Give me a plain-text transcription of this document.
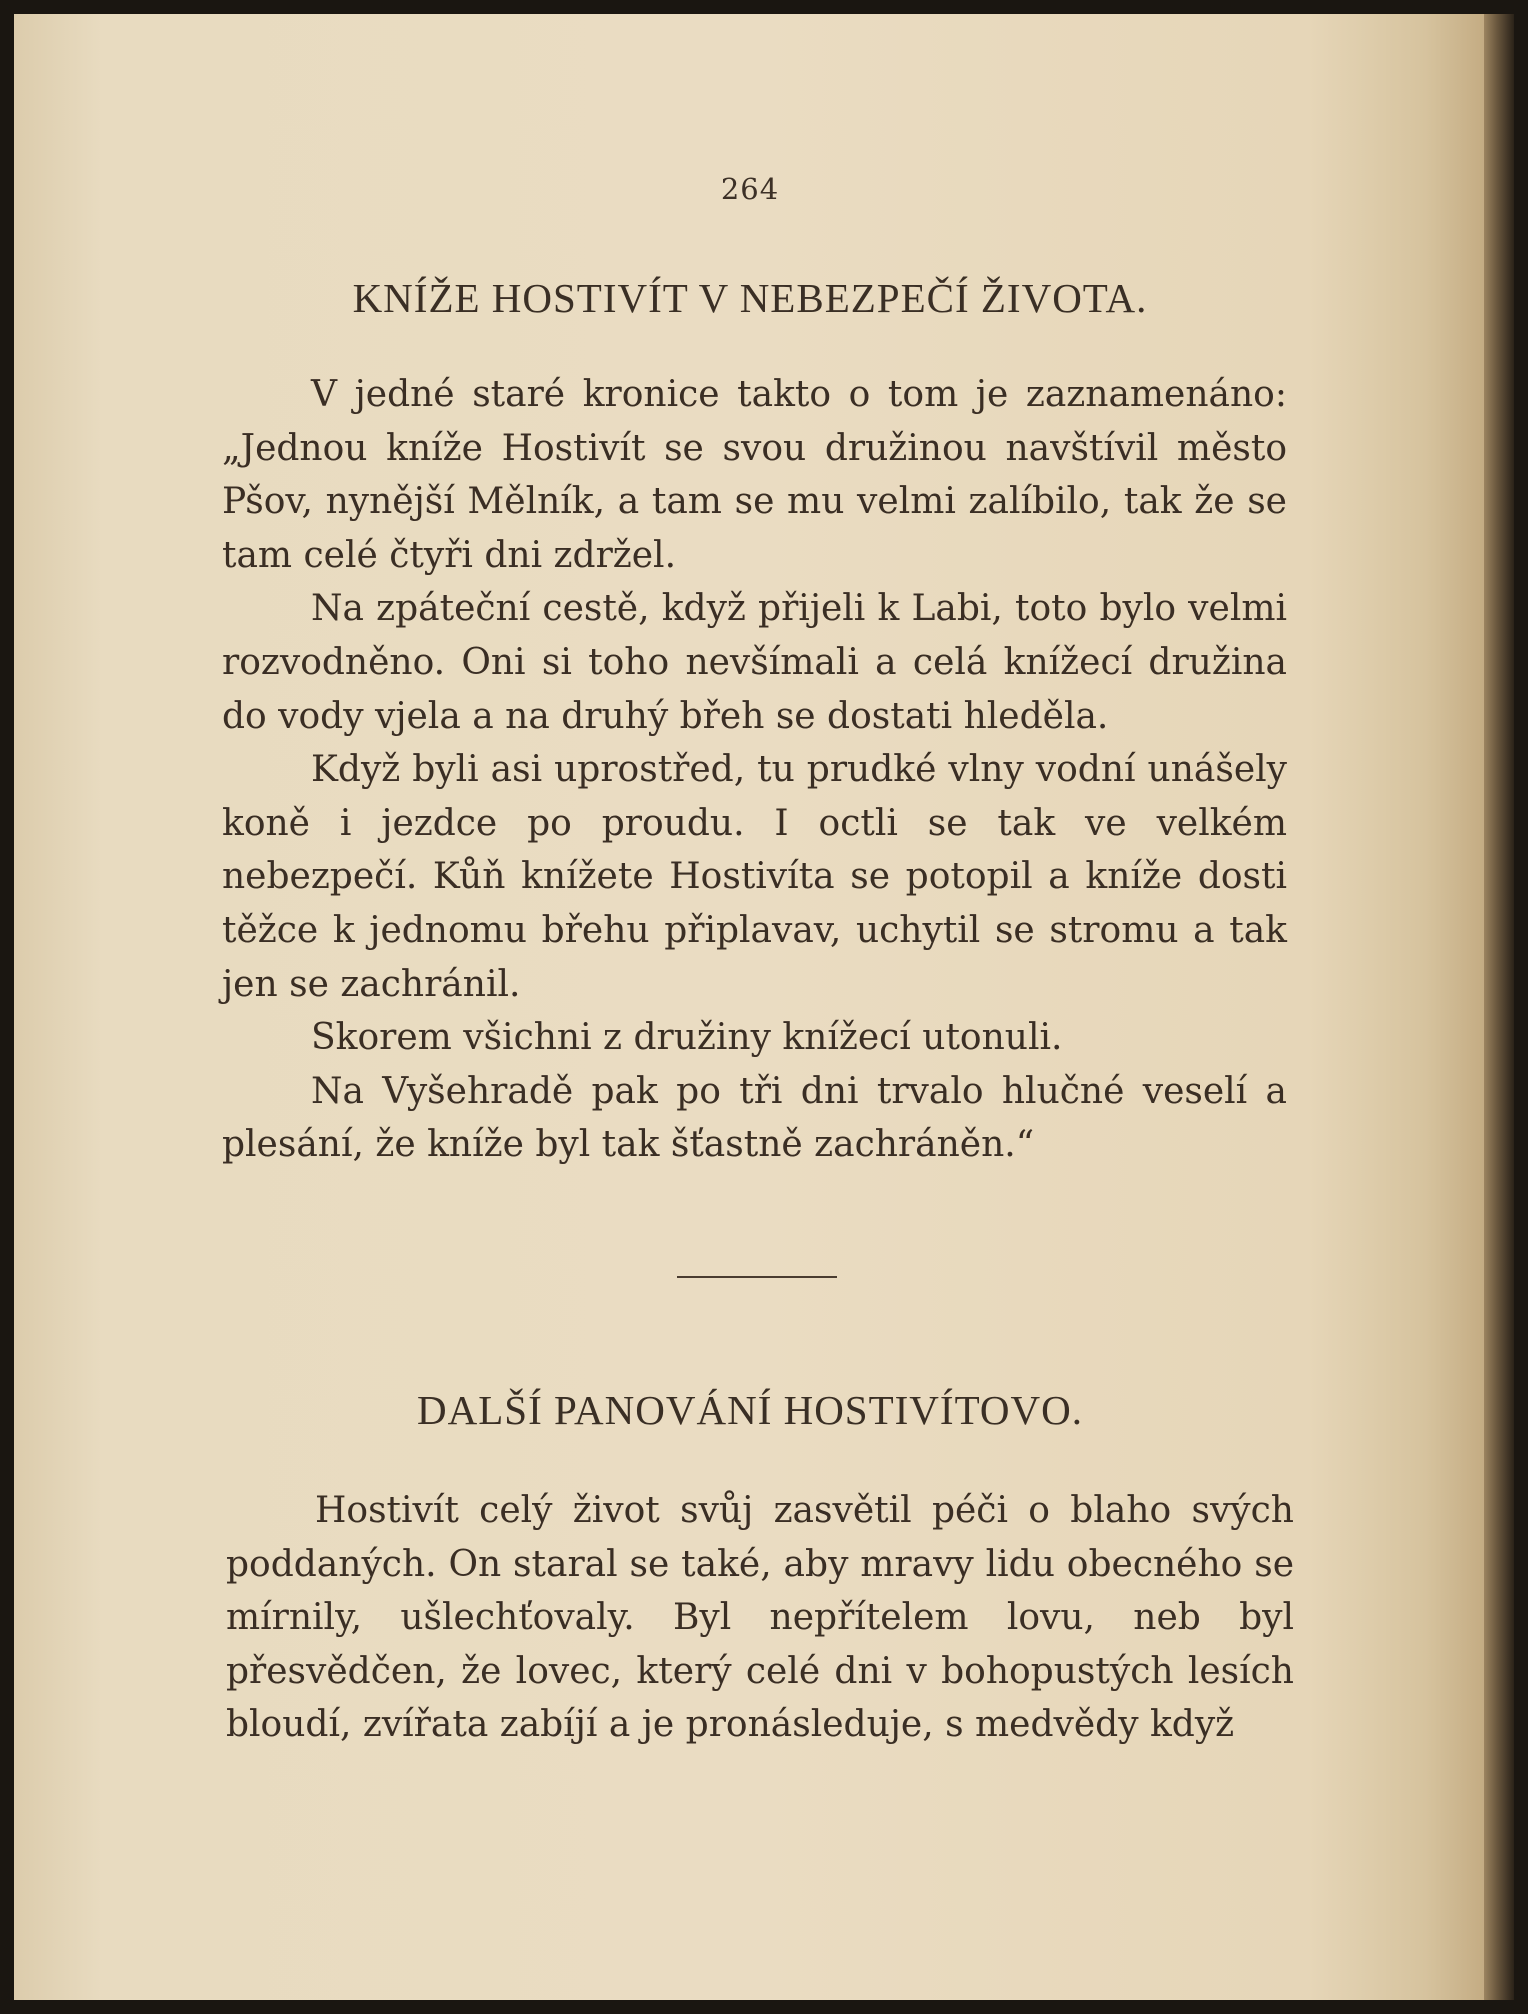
264
KNÍŽE HOSTIVÍT V NEBEZPEČÍ ŽIVOTA.

V jedné staré kronice takto o tom je zaznamenáno: „Jednou kníže Hostivít se svou družinou navštívil město Pšov, nynější Mělník, a tam se mu velmi zalíbilo, tak že se tam celé čtyři dni zdržel.

Na zpáteční cestě, když přijeli k Labi, toto bylo velmi rozvodněno. Oni si toho nevšímali a celá knížecí družina do vody vjela a na druhý břeh se dostati hleděla.

Když byli asi uprostřed, tu prudké vlny vodní unášely koně i jezdce po proudu. I octli se tak ve velkém nebezpečí. Kůň knížete Hostivíta se potopil a kníže dosti těžce k jednomu břehu připlavav, uchytil se stromu a tak jen se zachránil.

Skorem všichni z družiny knížecí utonuli.

Na Vyšehradě pak po tři dni trvalo hlučné veselí a plesání, že kníže byl tak šťastně zachráněn.“

DALŠÍ PANOVÁNÍ HOSTIVÍTOVO.

Hostivít celý život svůj zasvětil péči o blaho svých poddaných. On staral se také, aby mravy lidu obecného se mírnily, ušlechťovaly. Byl nepřítelem lovu, neb byl přesvědčen, že lovec, který celé dni v bohopustých lesích bloudí, zvířata zabíjí a je pronásleduje, s medvědy když
